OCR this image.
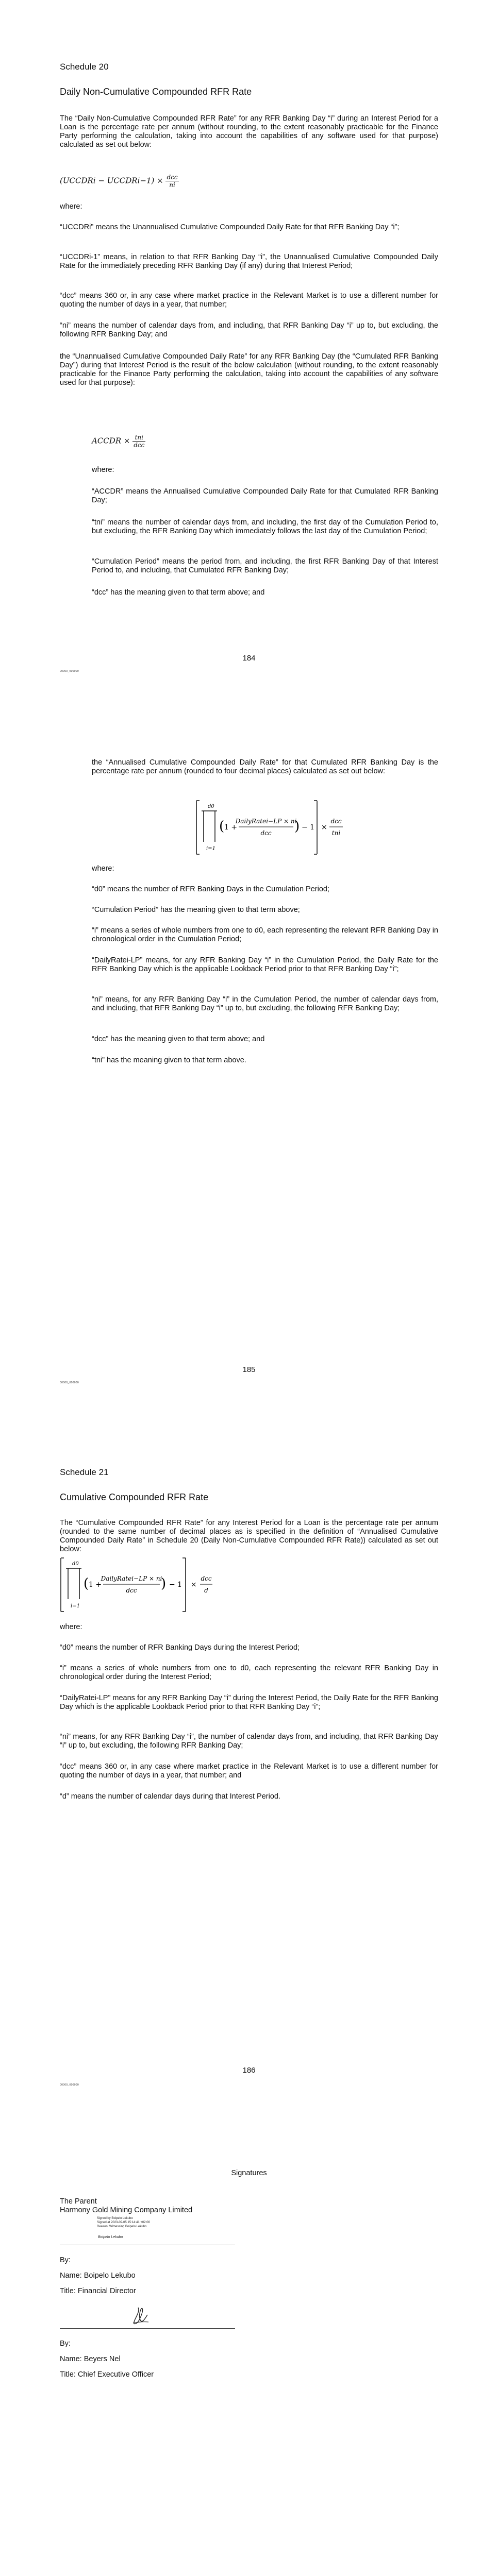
Schedule 20
Daily Non-Cumulative Compounded RFR Rate
The “Daily Non-Cumulative Compounded RFR Rate” for any RFR Banking Day “i” during an Interest Period for a Loan is the percentage rate per annum (without rounding, to the extent reasonably practicable for the Finance Party performing the calculation, taking into account the capabilities of any software used for that purpose) calculated as set out below:
(UCCDRi − UCCDRi−1) × $\frac{\text{dcc}}{ni}$
where:
“UCCDRi” means the Unannualised Cumulative Compounded Daily Rate for that RFR Banking Day “i”;
“UCCDRi-1” means, in relation to that RFR Banking Day “i”, the Unannualised Cumulative Compounded Daily Rate for the immediately preceding RFR Banking Day (if any) during that Interest Period;
“dcc” means 360 or, in any case where market practice in the Relevant Market is to use a different number for quoting the number of days in a year, that number;
“ni” means the number of calendar days from, and including, that RFR Banking Day “i” up to, but excluding, the following RFR Banking Day; and
the “Unannualised Cumulative Compounded Daily Rate” for any RFR Banking Day (the “Cumulated RFR Banking Day”) during that Interest Period is the result of the below calculation (without rounding, to the extent reasonably practicable for the Finance Party performing the calculation, taking into account the capabilities of any software used for that purpose):
ACCDR × $\frac{\text{tni}}{\text{dcc}}$
where:
“ACCDR” means the Annualised Cumulative Compounded Daily Rate for that Cumulated RFR Banking Day;
“tni” means the number of calendar days from, and including, the first day of the Cumulation Period to, but excluding, the RFR Banking Day which immediately follows the last day of the Cumulation Period;
“Cumulation Period” means the period from, and including, the first RFR Banking Day of that Interest Period to, and including, that Cumulated RFR Banking Day;
“dcc” has the meaning given to that term above; and
184
00000_000000
the “Annualised Cumulative Compounded Daily Rate” for that Cumulated RFR Banking Day is the percentage rate per annum (rounded to four decimal places) calculated as set out below:
d0
i=1
( 1 +
DailyRatei−LP × ni
dcc ) − 1 ×
dcc
tni
where:
“d0” means the number of RFR Banking Days in the Cumulation Period;
“Cumulation Period” has the meaning given to that term above;
“i” means a series of whole numbers from one to d0, each representing the relevant RFR Banking Day in chronological order in the Cumulation Period;
“DailyRatei-LP” means, for any RFR Banking Day “i” in the Cumulation Period, the Daily Rate for the RFR Banking Day which is the applicable Lookback Period prior to that RFR Banking Day “i”;
“ni” means, for any RFR Banking Day “i” in the Cumulation Period, the number of calendar days from, and including, that RFR Banking Day “i” up to, but excluding, the following RFR Banking Day;
“dcc” has the meaning given to that term above; and
“tni” has the meaning given to that term above.
185
00000_000000
Schedule 21
Cumulative Compounded RFR Rate
The “Cumulative Compounded RFR Rate” for any Interest Period for a Loan is the percentage rate per annum (rounded to the same number of decimal places as is specified in the definition of “Annualised Cumulative Compounded Daily Rate” in Schedule 20 (Daily Non-Cumulative Compounded RFR Rate)) calculated as set out below:
d0
i=1
( 1 +
DailyRatei−LP × ni
dcc ) − 1 ×
dcc
d
where:
“d0” means the number of RFR Banking Days during the Interest Period;
“i” means a series of whole numbers from one to d0, each representing the relevant RFR Banking Day in chronological order during the Interest Period;
“DailyRatei-LP” means for any RFR Banking Day “i” during the Interest Period, the Daily Rate for the RFR Banking Day which is the applicable Lookback Period prior to that RFR Banking Day “i”;
“ni” means, for any RFR Banking Day “i”, the number of calendar days from, and including, that RFR Banking Day “i” up to, but excluding, the following RFR Banking Day;
“dcc” means 360 or, in any case where market practice in the Relevant Market is to use a different number for quoting the number of days in a year, that number; and
“d” means the number of calendar days during that Interest Period.
186
00000_000000
Signatures
The Parent
Harmony Gold Mining Company Limited
Signed by Boipelo Lekubo
Signed at 2023-09-05 15:14:41 +02:00
Reason: Witnessing Boipelo Lekubo
Boipelo Lekubo
By:
Name: Boipelo Lekubo
Title: Financial Director
By:
Name: Beyers Nel
Title: Chief Executive Officer
